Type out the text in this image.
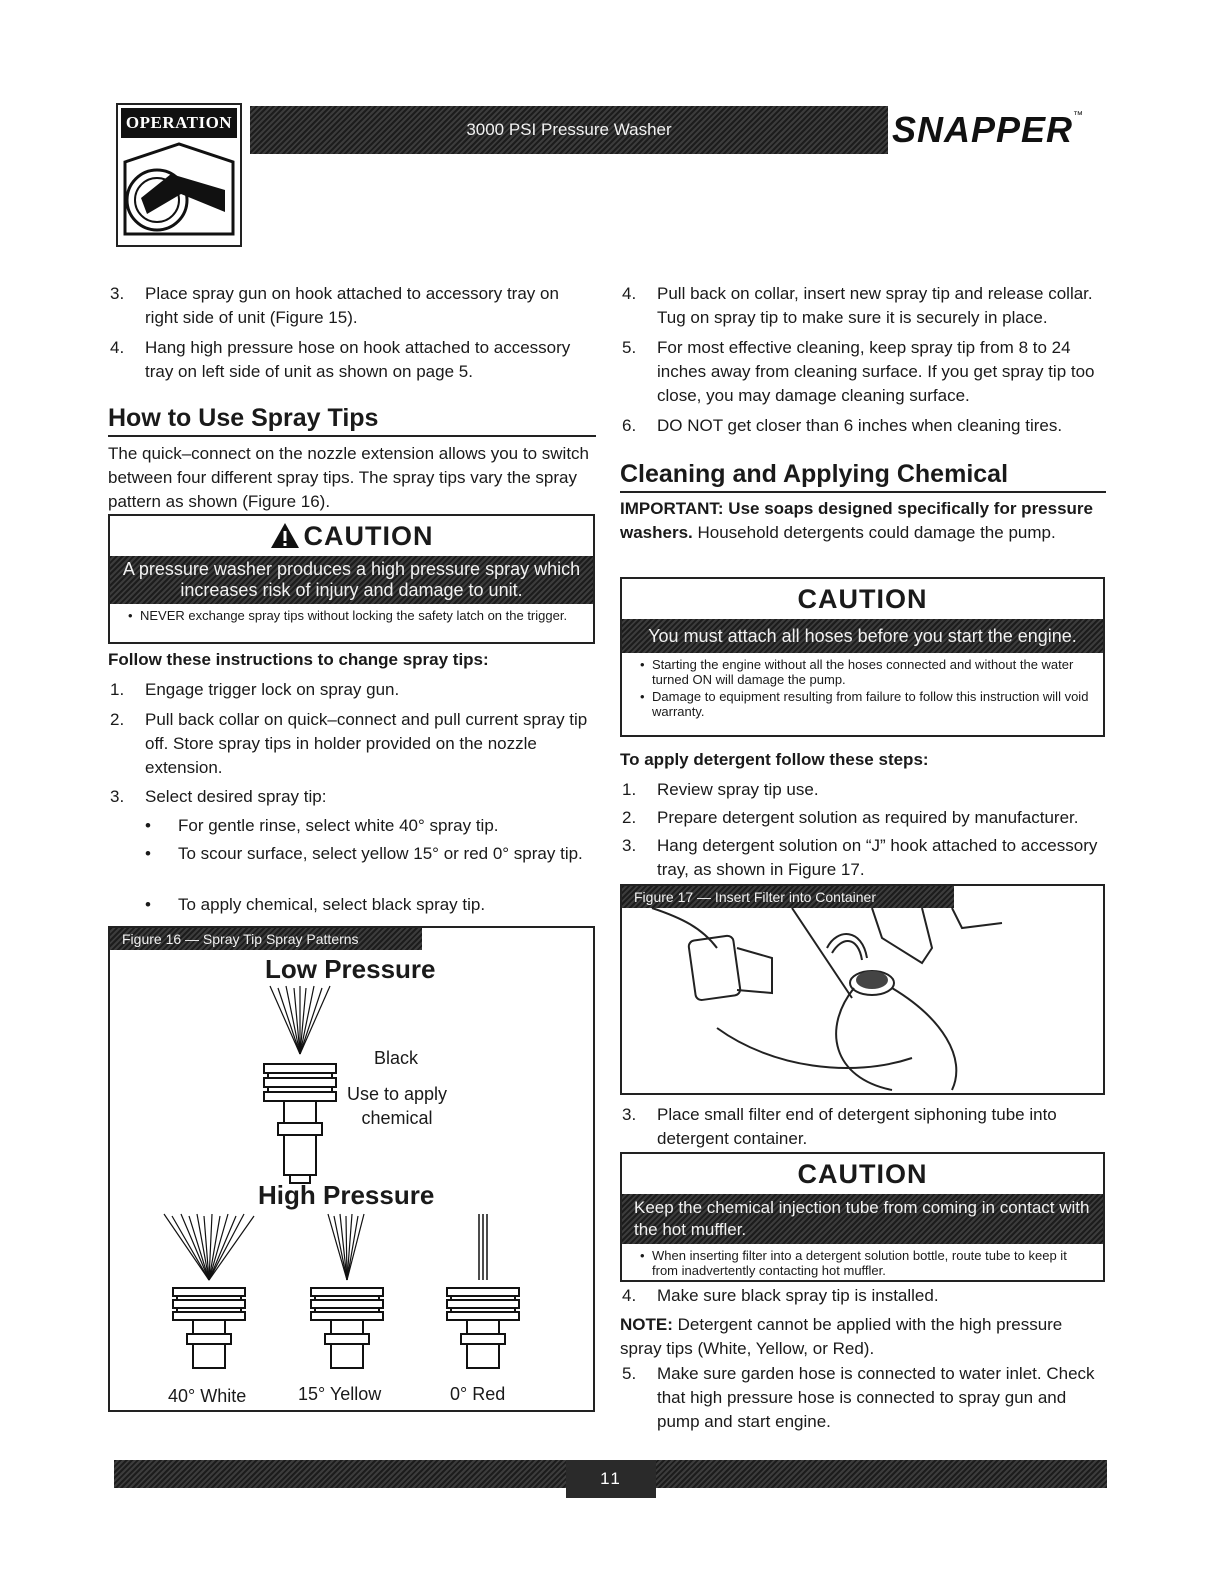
OPERATION	3000 PSI Pressure Washer	SNAPPER™
3. Place spray gun on hook attached to accessory tray on right side of unit (Figure 15).
4. Hang high pressure hose on hook attached to accessory tray on left side of unit as shown on page 5.
How to Use Spray Tips
The quick–connect on the nozzle extension allows you to switch between four different spray tips. The spray tips vary the spray pattern as shown (Figure 16).
CAUTION
A pressure washer produces a high pressure spray which increases risk of injury and damage to unit.
• NEVER exchange spray tips without locking the safety latch on the trigger.
Follow these instructions to change spray tips:
1. Engage trigger lock on spray gun.
2. Pull back collar on quick–connect and pull current spray tip off. Store spray tips in holder provided on the nozzle extension.
3. Select desired spray tip:
• For gentle rinse, select white 40° spray tip.
• To scour surface, select yellow 15° or red 0° spray tip.
• To apply chemical, select black spray tip.
Figure 16 — Spray Tip Spray Patterns
Low Pressure
Black
Use to apply chemical
High Pressure
40° White	15° Yellow	0° Red
4. Pull back on collar, insert new spray tip and release collar. Tug on spray tip to make sure it is securely in place.
5. For most effective cleaning, keep spray tip from 8 to 24 inches away from cleaning surface. If you get spray tip too close, you may damage cleaning surface.
6. DO NOT get closer than 6 inches when cleaning tires.
Cleaning and Applying Chemical
IMPORTANT: Use soaps designed specifically for pressure washers. Household detergents could damage the pump.
CAUTION
You must attach all hoses before you start the engine.
• Starting the engine without all the hoses connected and without the water turned ON will damage the pump.
• Damage to equipment resulting from failure to follow this instruction will void warranty.
To apply detergent follow these steps:
1. Review spray tip use.
2. Prepare detergent solution as required by manufacturer.
3. Hang detergent solution on “J” hook attached to accessory tray, as shown in Figure 17.
Figure 17 — Insert Filter into Container
3. Place small filter end of detergent siphoning tube into detergent container.
CAUTION
Keep the chemical injection tube from coming in contact with the hot muffler.
• When inserting filter into a detergent solution bottle, route tube to keep it from inadvertently contacting hot muffler.
4. Make sure black spray tip is installed.
NOTE: Detergent cannot be applied with the high pressure spray tips (White, Yellow, or Red).
5. Make sure garden hose is connected to water inlet. Check that high pressure hose is connected to spray gun and pump and start engine.
11
